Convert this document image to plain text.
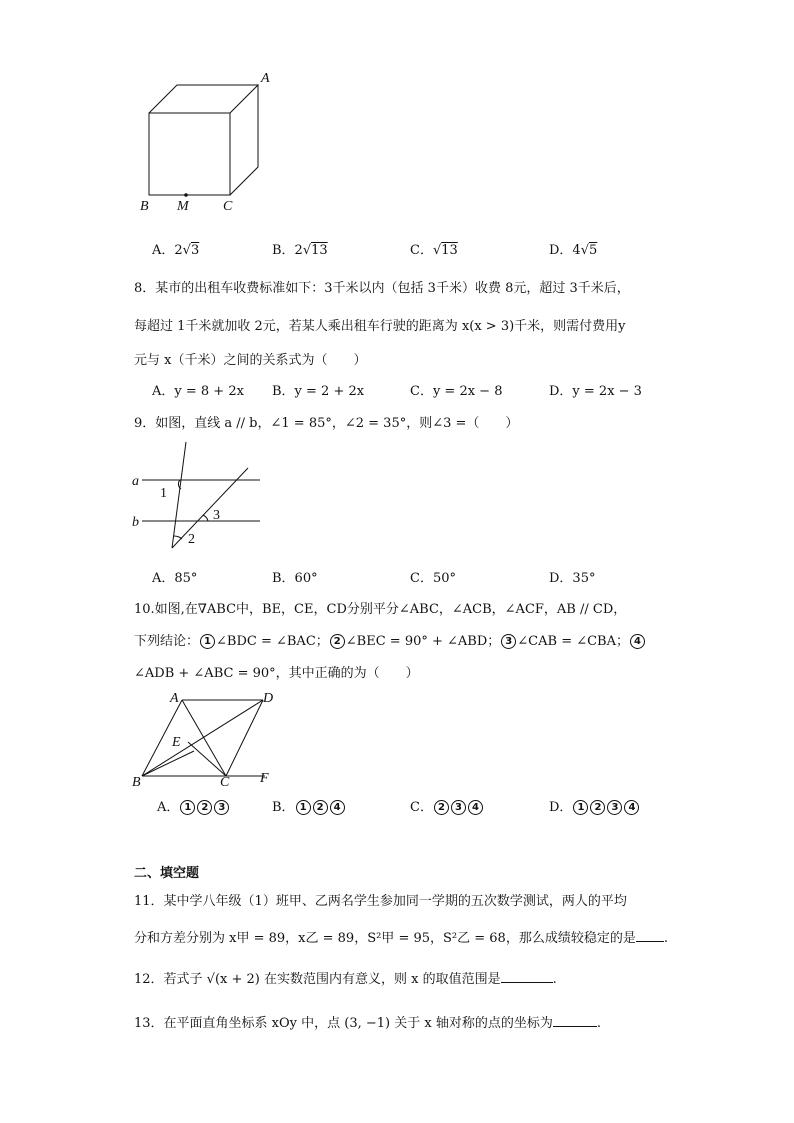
A
B M C
A．2√3	B．2√13	C．√13	D．4√5
8．某市的出租车收费标准如下：3千米以内（包括 3千米）收费 8元，超过 3千米后，
每超过 1千米就加收 2元，若某人乘出租车行驶的距离为 x(x > 3)千米，则需付费用y
元与 x（千米）之间的关系式为（　　）
A．y = 8 + 2x B．y = 2 + 2x	C．y = 2x − 8	D．y = 2x − 3
9．如图，直线 a // b，∠1 = 85°，∠2 = 35°，则∠3 =（　　）
a
b
1
2
3
A．85°	B．60°	C．50°	D．35°
10.如图,在∇ABC中，BE，CE，CD分别平分∠ABC，∠ACB，∠ACF，AB // CD，
下列结论： 1 ∠BDC = ∠BAC； 2 ∠BEC = 90° + ∠ABD； 3 ∠CAB = ∠CBA； 4
∠ADB + ∠ABC = 90°，其中正确的为（　　）
A	D
E
B	C F
A． 1 2 3	B． 1 2 4	C． 2 3 4	D． 1 2 3 4
二、填空题
11．某中学八年级（1）班甲、乙两名学生参加同一学期的五次数学测试，两人的平均
分和方差分别为 x甲 = 89，x乙 = 89，S²甲 = 95，S²乙 = 68，那么成绩较稳定的是 .
12．若式子 √(x + 2) 在实数范围内有意义，则 x 的取值范围是	.
13．在平面直角坐标系 xOy 中，点 (3, −1) 关于 x 轴对称的点的坐标为	.
